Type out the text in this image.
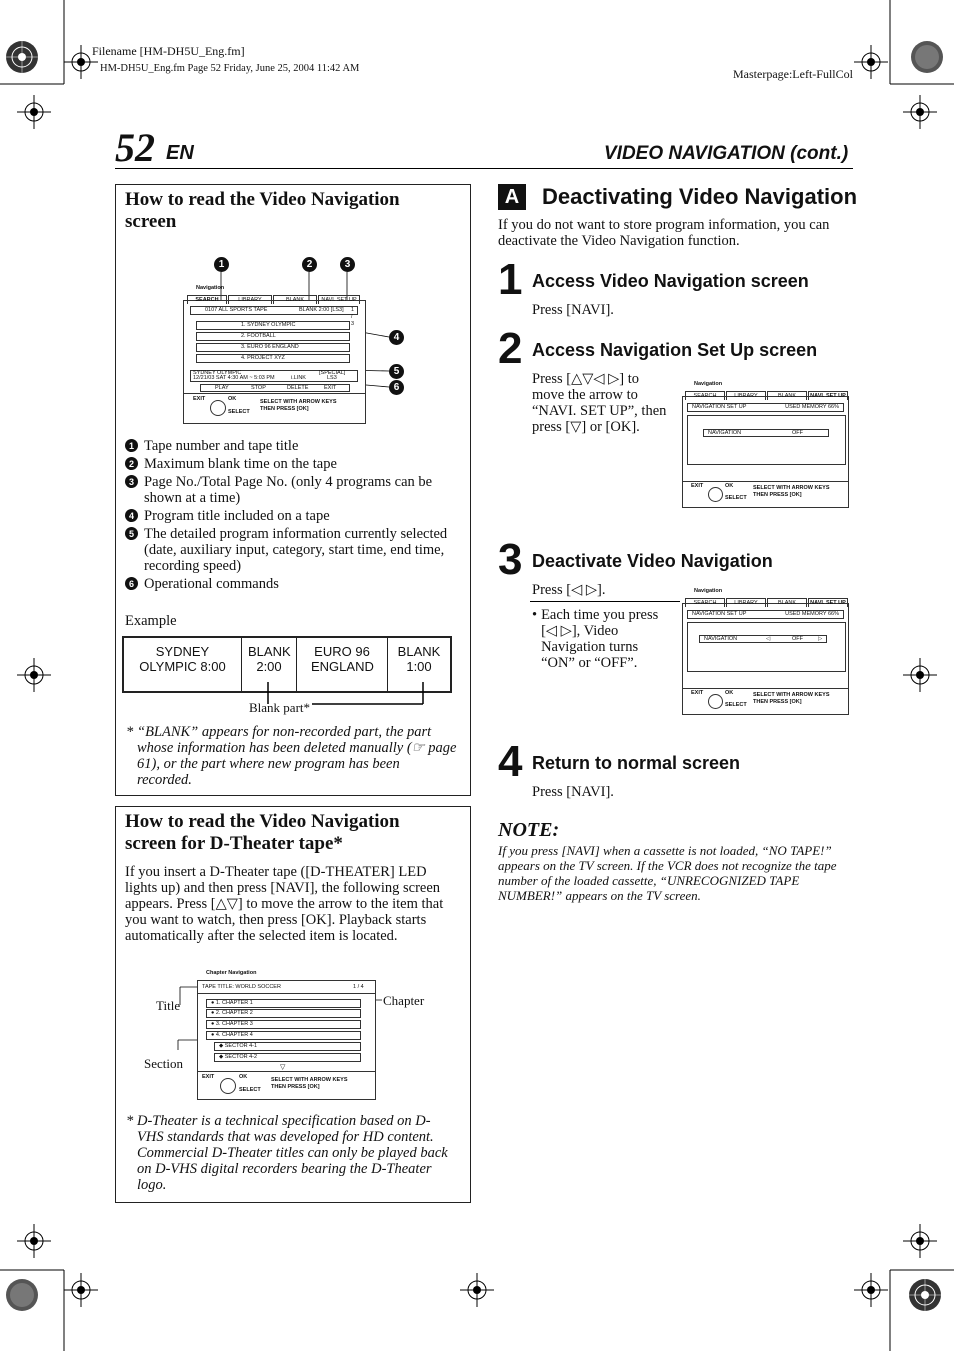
Filename [HM-DH5U_Eng.fm]
HM-DH5U_Eng.fm Page 52 Friday, June 25, 2004 11:42 AM	Masterpage:Left-FullCol
52 EN	VIDEO NAVIGATION (cont.)
How to read the Video Navigation screen
1	2	3
4
5
6
SEARCH	LIBRARY	BLANK	NAVI. SET UP
0107 ALL SPORTS TAPE	BLANK 2:00 [LS3] 1 / 3
1. SYDNEY OLYMPIC
2. FOOTBALL
3. EURO 96 ENGLAND
4. PROJECT XYZ
SYDNEY OLYMPIC
12/21/03 SAT 4:30 AM ~ 5:03 PM	i.LINK
[SPECIAL]
LS3
PLAY	STOP	DELETE	EXIT
EXIT	OK
SELECT
SELECT WITH ARROW KEYS
THEN PRESS [OK]
Navigation
1 Tape number and tape title
2 Maximum blank time on the tape
3 Page No./Total Page No. (only 4 programs can be shown at a time)
4 Program title included on a tape
5 The detailed program information currently selected (date, auxiliary input, category, start time, end time, recording speed)
6 Operational commands
Example
SYDNEY OLYMPIC 8:00
BLANK 2:00
EURO 96 ENGLAND
BLANK 1:00
Blank part*
* “BLANK” appears for non-recorded part, the part whose information has been deleted manually (☞ page 61), or the part where new program has been recorded.
How to read the Video Navigation screen for D-Theater tape*
If you insert a D-Theater tape ([D-THEATER] LED lights up) and then press [NAVI], the following screen appears. Press [△▽] to move the arrow to the item that you want to watch, then press [OK]. Playback starts automatically after the selected item is located.
Title	Chapter
Section
TAPE TITLE: WORLD SOCCER	1 / 4
● 1. CHAPTER 1
● 2. CHAPTER 2
● 3. CHAPTER 3
● 4. CHAPTER 4
◆ SECTOR 4-1
◆ SECTOR 4-2
▽
EXIT	OK
SELECT
SELECT WITH ARROW KEYS
THEN PRESS [OK]
Chapter Navigation
* D-Theater is a technical specification based on D-VHS standards that was developed for HD content. Commercial D-Theater titles can only be played back on D-VHS digital recorders bearing the D-Theater logo.
A	Deactivating Video Navigation
If you do not want to store program information, you can deactivate the Video Navigation function.
1 Access Video Navigation screen
Press [NAVI].
2 Access Navigation Set Up screen
Press [△▽◁ ▷] to move the arrow to “NAVI. SET UP”, then press [▽] or [OK].
SEARCH	LIBRARY	BLANK	NAVI. SET UP
NAVIGATION SET UP	USED MEMORY 66%
NAVIGATION	OFF
EXIT	OK
SELECT
SELECT WITH ARROW KEYS
THEN PRESS [OK]
Navigation
3 Deactivate Video Navigation
Press [◁ ▷].
• Each time you press [◁ ▷], Video Navigation turns “ON” or “OFF”.
SEARCH	LIBRARY	BLANK	NAVI. SET UP
NAVIGATION SET UP	USED MEMORY 66%
NAVIGATION	◁	OFF	▷
EXIT	OK
SELECT
SELECT WITH ARROW KEYS
THEN PRESS [OK]
Navigation
4 Return to normal screen
Press [NAVI].
NOTE:
If you press [NAVI] when a cassette is not loaded, “NO TAPE!” appears on the TV screen. If the VCR does not recognize the tape number of the loaded cassette, “UNRECOGNIZED TAPE NUMBER!” appears on the TV screen.
